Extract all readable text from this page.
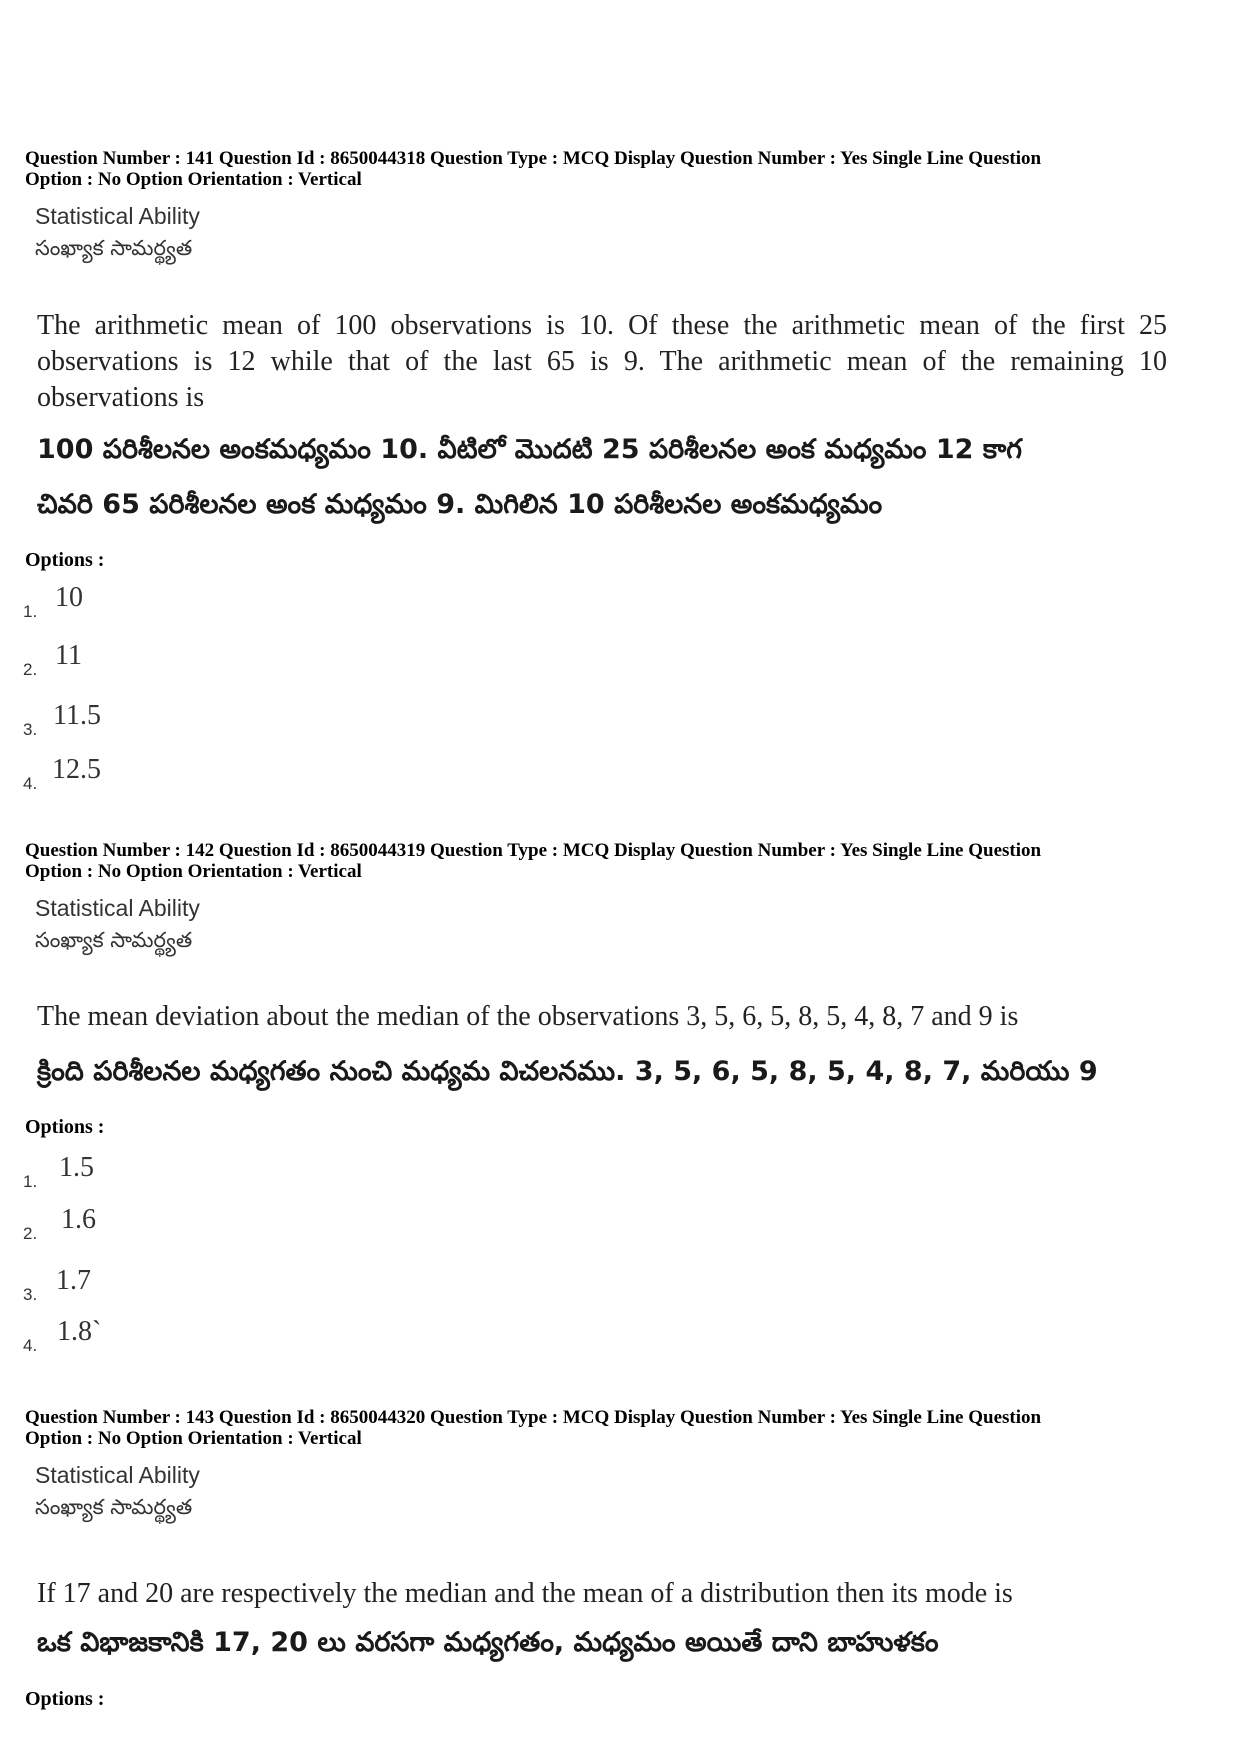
Question Number : 141 Question Id : 8650044318 Question Type : MCQ Display Question Number : Yes Single Line Question
Option : No Option Orientation : Vertical
Statistical Ability
సంఖ్యాక సామర్థ్యత
The arithmetic mean of 100 observations is 10. Of these the arithmetic mean of the first 25 observations is 12 while that of the last 65 is 9. The arithmetic mean of the remaining 10 observations is
100 పరిశీలనల అంకమధ్యమం 10. వీటిలో మొదటి 25 పరిశీలనల అంక మధ్యమం 12 కాగ
చివరి 65 పరిశీలనల అంక మధ్యమం 9. మిగిలిన 10 పరిశీలనల అంకమధ్యమం
Options :
1. 10
2. 11
3. 11.5
4. 12.5
Question Number : 142 Question Id : 8650044319 Question Type : MCQ Display Question Number : Yes Single Line Question
Option : No Option Orientation : Vertical
Statistical Ability
సంఖ్యాక సామర్థ్యత
The mean deviation about the median of the observations 3, 5, 6, 5, 8, 5, 4, 8, 7 and 9 is
క్రింది పరిశీలనల మధ్యగతం నుంచి మధ్యమ విచలనము. 3, 5, 6, 5, 8, 5, 4, 8, 7, మరియు 9
Options :
1. 1.5
2. 1.6
3. 1.7
4. 1.8`
Question Number : 143 Question Id : 8650044320 Question Type : MCQ Display Question Number : Yes Single Line Question
Option : No Option Orientation : Vertical
Statistical Ability
సంఖ్యాక సామర్థ్యత
If 17 and 20 are respectively the median and the mean of a distribution then its mode is
ఒక విభాజకానికి 17, 20 లు వరసగా మధ్యగతం, మధ్యమం అయితే దాని బాహుళకం
Options :
